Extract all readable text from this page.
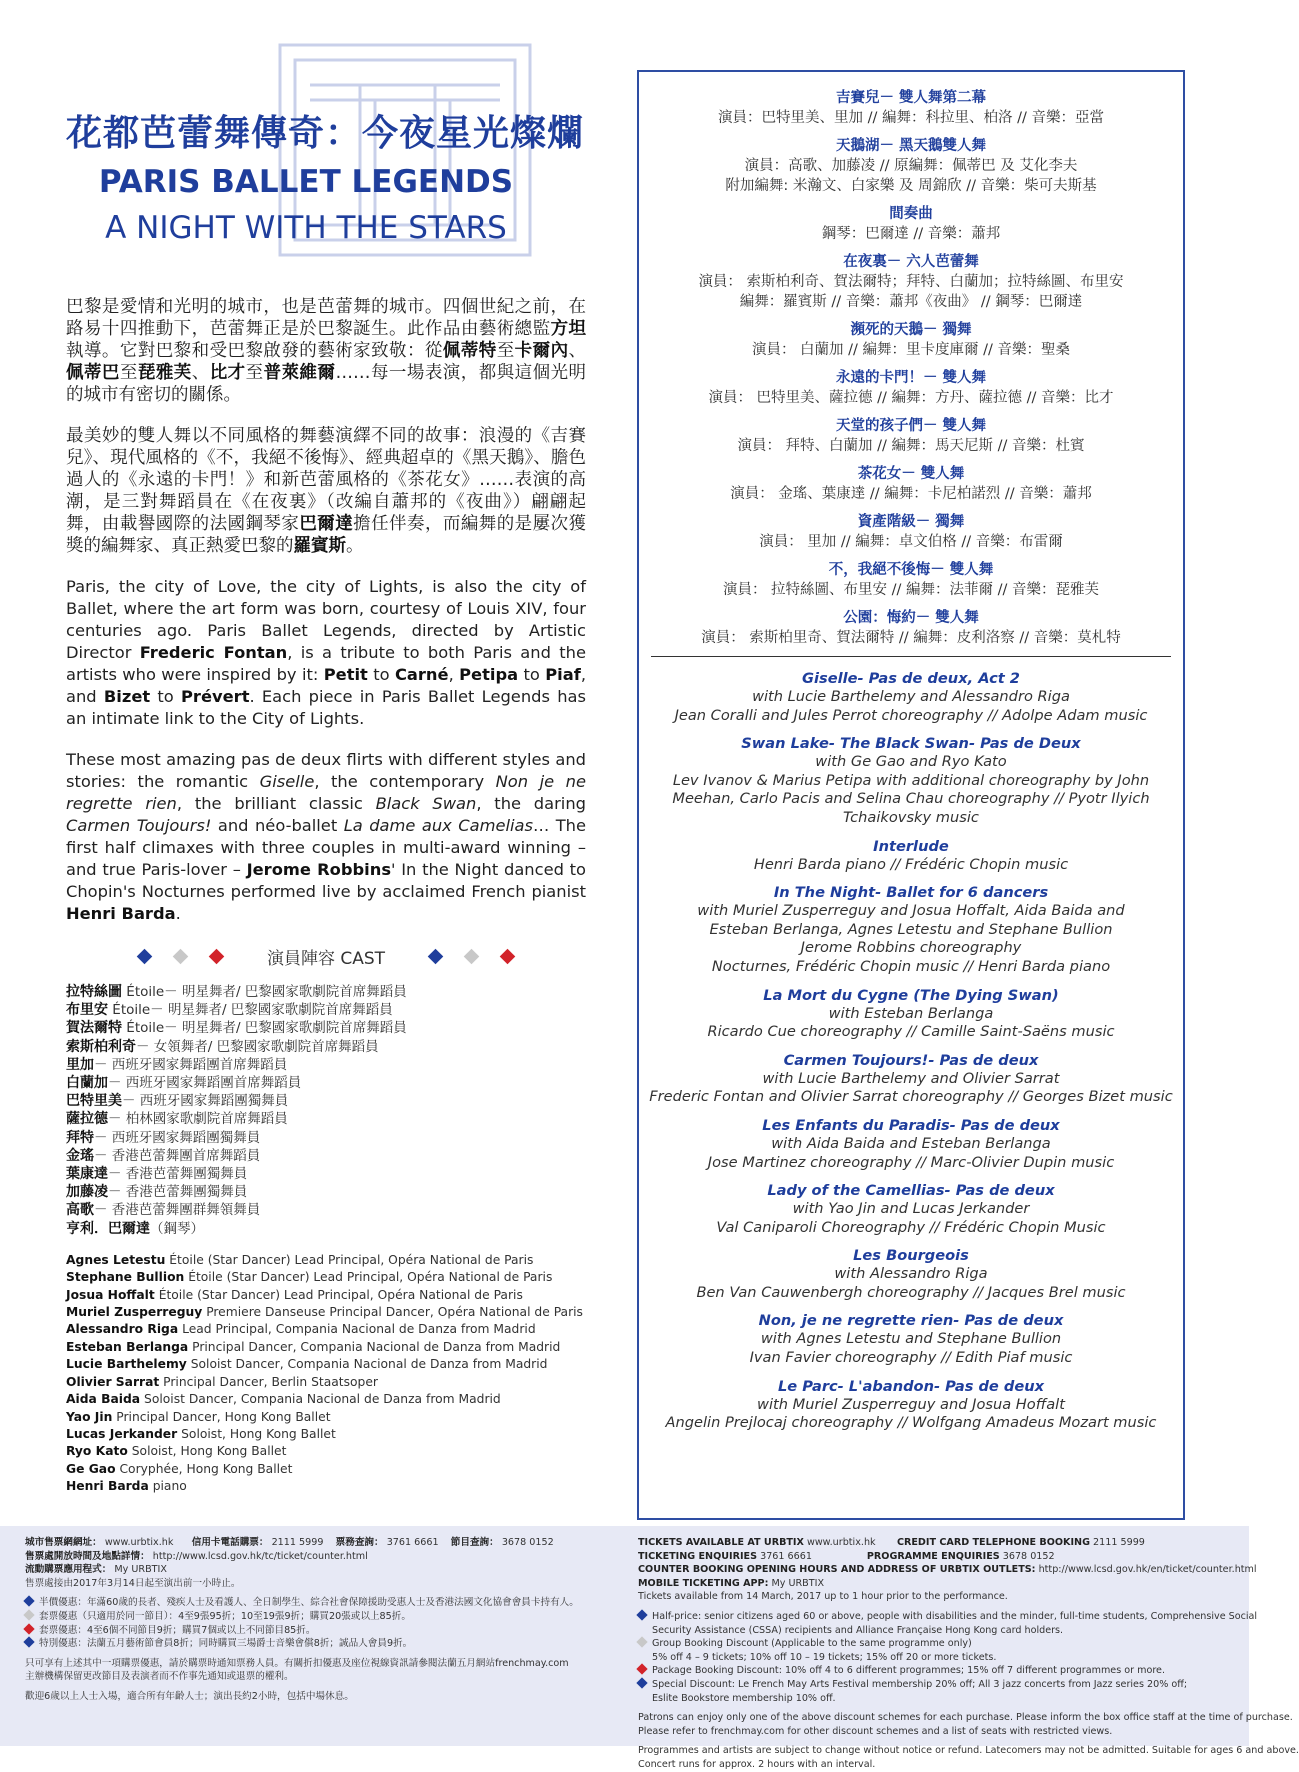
花都芭蕾舞傳奇：今夜星光燦爛
PARIS BALLET LEGENDS
A NIGHT WITH THE STARS

巴黎是愛情和光明的城市，也是芭蕾舞的城市。四個世紀之前，在路易十四推動下，芭蕾舞正是於巴黎誕生。此作品由藝術總監方坦執導。它對巴黎和受巴黎啟發的藝術家致敬：從佩蒂特至卡爾內、佩蒂巴至琵雅芙、比才至普萊維爾……每一場表演，都與這個光明的城市有密切的關係。

最美妙的雙人舞以不同風格的舞藝演繹不同的故事：浪漫的《吉賽兒》、現代風格的《不，我絕不後悔》、經典超卓的《黑天鵝》、膽色過人的《永遠的卡門！》和新芭蕾風格的《茶花女》……表演的高潮，是三對舞蹈員在《在夜裏》（改編自蕭邦的《夜曲》）翩翩起舞，由載譽國際的法國鋼琴家巴爾達擔任伴奏，而編舞的是屢次獲獎的編舞家、真正熱愛巴黎的羅賓斯。

Paris, the city of Love, the city of Lights, is also the city of Ballet, where the art form was born, courtesy of Louis XIV, four centuries ago. Paris Ballet Legends, directed by Artistic Director Frederic Fontan, is a tribute to both Paris and the artists who were inspired by it: Petit to Carné, Petipa to Piaf, and Bizet to Prévert. Each piece in Paris Ballet Legends has an intimate link to the City of Lights.

These most amazing pas de deux flirts with different styles and stories: the romantic Giselle, the contemporary Non je ne regrette rien, the brilliant classic Black Swan, the daring Carmen Toujours! and néo-ballet La dame aux Camelias… The first half climaxes with three couples in multi-award winning – and true Paris-lover – Jerome Robbins' In the Night danced to Chopin's Nocturnes performed live by acclaimed French pianist Henri Barda.

演員陣容 CAST
拉特絲圖 Étoile－ 明星舞者/ 巴黎國家歌劇院首席舞蹈員
布里安 Étoile－ 明星舞者/ 巴黎國家歌劇院首席舞蹈員
賀法爾特 Étoile－ 明星舞者/ 巴黎國家歌劇院首席舞蹈員
索斯柏利奇－ 女領舞者/ 巴黎國家歌劇院首席舞蹈員
里加－ 西班牙國家舞蹈團首席舞蹈員
白蘭加－ 西班牙國家舞蹈團首席舞蹈員
巴特里美－ 西班牙國家舞蹈團獨舞員
薩拉德－ 柏林國家歌劇院首席舞蹈員
拜特－ 西班牙國家舞蹈團獨舞員
金瑤－ 香港芭蕾舞團首席舞蹈員
葉康達－ 香港芭蕾舞團獨舞員
加藤凌－ 香港芭蕾舞團獨舞員
高歌－ 香港芭蕾舞團群舞領舞員
亨利．巴爾達（鋼琴）
Agnes Letestu Étoile (Star Dancer) Lead Principal, Opéra National de Paris
Stephane Bullion Étoile (Star Dancer) Lead Principal, Opéra National de Paris
Josua Hoffalt Étoile (Star Dancer) Lead Principal, Opéra National de Paris
Muriel Zusperreguy Premiere Danseuse Principal Dancer, Opéra National de Paris
Alessandro Riga Lead Principal, Compania Nacional de Danza from Madrid
Esteban Berlanga Principal Dancer, Compania Nacional de Danza from Madrid
Lucie Barthelemy Soloist Dancer, Compania Nacional de Danza from Madrid
Olivier Sarrat Principal Dancer, Berlin Staatsoper
Aida Baida Soloist Dancer, Compania Nacional de Danza from Madrid
Yao Jin Principal Dancer, Hong Kong Ballet
Lucas Jerkander Soloist, Hong Kong Ballet
Ryo Kato Soloist, Hong Kong Ballet
Ge Gao Coryphée, Hong Kong Ballet
Henri Barda piano
吉賽兒－ 雙人舞第二幕
演員：巴特里美、里加 // 編舞：科拉里、柏洛 // 音樂：亞當
天鵝湖－ 黑天鵝雙人舞
演員：高歌、加藤凌 // 原編舞：佩蒂巴 及 艾化李夫
附加編舞: 米瀚文、白家樂 及 周錦欣 // 音樂：柴可夫斯基
間奏曲
鋼琴：巴爾達 // 音樂：蕭邦
在夜裏－ 六人芭蕾舞
演員： 索斯柏利奇、賀法爾特；拜特、白蘭加；拉特絲圖、布里安
編舞：羅賓斯 // 音樂：蕭邦《夜曲》 // 鋼琴：巴爾達
瀕死的天鵝－ 獨舞
演員： 白蘭加 // 編舞：里卡度庫爾 // 音樂：聖桑
永遠的卡門！－ 雙人舞
演員： 巴特里美、薩拉德 // 編舞：方丹、薩拉德 // 音樂：比才
天堂的孩子們－ 雙人舞
演員： 拜特、白蘭加 // 編舞：馬天尼斯 // 音樂：杜賓
茶花女－ 雙人舞
演員： 金瑤、葉康達 // 編舞：卡尼柏諾烈 // 音樂：蕭邦
資產階級－ 獨舞
演員： 里加 // 編舞：卓文伯格 // 音樂：布雷爾
不，我絕不後悔－ 雙人舞
演員： 拉特絲圖、布里安 // 編舞：法菲爾 // 音樂：琵雅芙
公園：悔約－ 雙人舞
演員： 索斯柏里奇、賀法爾特 // 編舞：皮利洛察 // 音樂：莫札特
Giselle- Pas de deux, Act 2
with Lucie Barthelemy and Alessandro Riga
Jean Coralli and Jules Perrot choreography // Adolpe Adam music
Swan Lake- The Black Swan- Pas de Deux
with Ge Gao and Ryo Kato
Lev Ivanov & Marius Petipa with additional choreography by John
Meehan, Carlo Pacis and Selina Chau choreography // Pyotr Ilyich
Tchaikovsky music
Interlude
Henri Barda piano // Frédéric Chopin music
In The Night- Ballet for 6 dancers
with Muriel Zusperreguy and Josua Hoffalt, Aida Baida and
Esteban Berlanga, Agnes Letestu and Stephane Bullion
Jerome Robbins choreography
Nocturnes, Frédéric Chopin music // Henri Barda piano
La Mort du Cygne (The Dying Swan)
with Esteban Berlanga
Ricardo Cue choreography // Camille Saint-Saëns music
Carmen Toujours!- Pas de deux
with Lucie Barthelemy and Olivier Sarrat
Frederic Fontan and Olivier Sarrat choreography // Georges Bizet music
Les Enfants du Paradis- Pas de deux
with Aida Baida and Esteban Berlanga
Jose Martinez choreography // Marc-Olivier Dupin music
Lady of the Camellias- Pas de deux
with Yao Jin and Lucas Jerkander
Val Caniparoli Choreography // Frédéric Chopin Music
Les Bourgeois
with Alessandro Riga
Ben Van Cauwenbergh choreography // Jacques Brel music
Non, je ne regrette rien- Pas de deux
with Agnes Letestu and Stephane Bullion
Ivan Favier choreography // Edith Piaf music
Le Parc- L'abandon- Pas de deux
with Muriel Zusperreguy and Josua Hoffalt
Angelin Prejlocaj choreography // Wolfgang Amadeus Mozart music
城市售票網網址： www.urbtix.hk 信用卡電話購票： 2111 5999 票務查詢： 3761 6661 節目查詢： 3678 0152
售票處開放時間及地點詳情： http://www.lcsd.gov.hk/tc/ticket/counter.html
流動購票應用程式： My URBTIX
售票處接由2017年3月14日起至演出前一小時止。
半價優惠：年滿60歲的長者、殘疾人士及看護人、全日制學生、綜合社會保障援助受惠人士及香港法國文化協會會員卡持有人。
套票優惠（只適用於同一節目）：4至9張95折；10至19張9折；購買20張或以上85折。
套票優惠：4至6個不同節目9折；購買7個或以上不同節目85折。
特別優惠：法蘭五月藝術節會員8折；同時購買三場爵士音樂會償8折；誠品人會員9折。
只可享有上述其中一項購票優惠，請於購票時通知票務人員。有關折扣優惠及座位視線資訊請參閱法蘭五月網站frenchmay.com
主辦機構保留更改節目及表演者而不作事先通知或退票的權利。
歡迎6歲以上人士入場，適合所有年齡人士；演出長約2小時，包括中場休息。
TICKETS AVAILABLE AT URBTIX www.urbtix.hk CREDIT CARD TELEPHONE BOOKING 2111 5999
TICKETING ENQUIRIES 3761 6661	PROGRAMME ENQUIRIES 3678 0152
COUNTER BOOKING OPENING HOURS AND ADDRESS OF URBTIX OUTLETS: http://www.lcsd.gov.hk/en/ticket/counter.html
MOBILE TICKETING APP: My URBTIX
Tickets available from 14 March, 2017 up to 1 hour prior to the performance.
Half-price: senior citizens aged 60 or above, people with disabilities and the minder, full-time students, Comprehensive Social
Security Assistance (CSSA) recipients and Alliance Française Hong Kong card holders.
Group Booking Discount (Applicable to the same programme only)
5% off 4 – 9 tickets; 10% off 10 – 19 tickets; 15% off 20 or more tickets.
Package Booking Discount: 10% off 4 to 6 different programmes; 15% off 7 different programmes or more.
Special Discount: Le French May Arts Festival membership 20% off; All 3 jazz concerts from Jazz series 20% off;
Eslite Bookstore membership 10% off.
Patrons can enjoy only one of the above discount schemes for each purchase. Please inform the box office staff at the time of purchase.
Please refer to frenchmay.com for other discount schemes and a list of seats with restricted views.
Programmes and artists are subject to change without notice or refund. Latecomers may not be admitted. Suitable for ages 6 and above.
Concert runs for approx. 2 hours with an interval.
